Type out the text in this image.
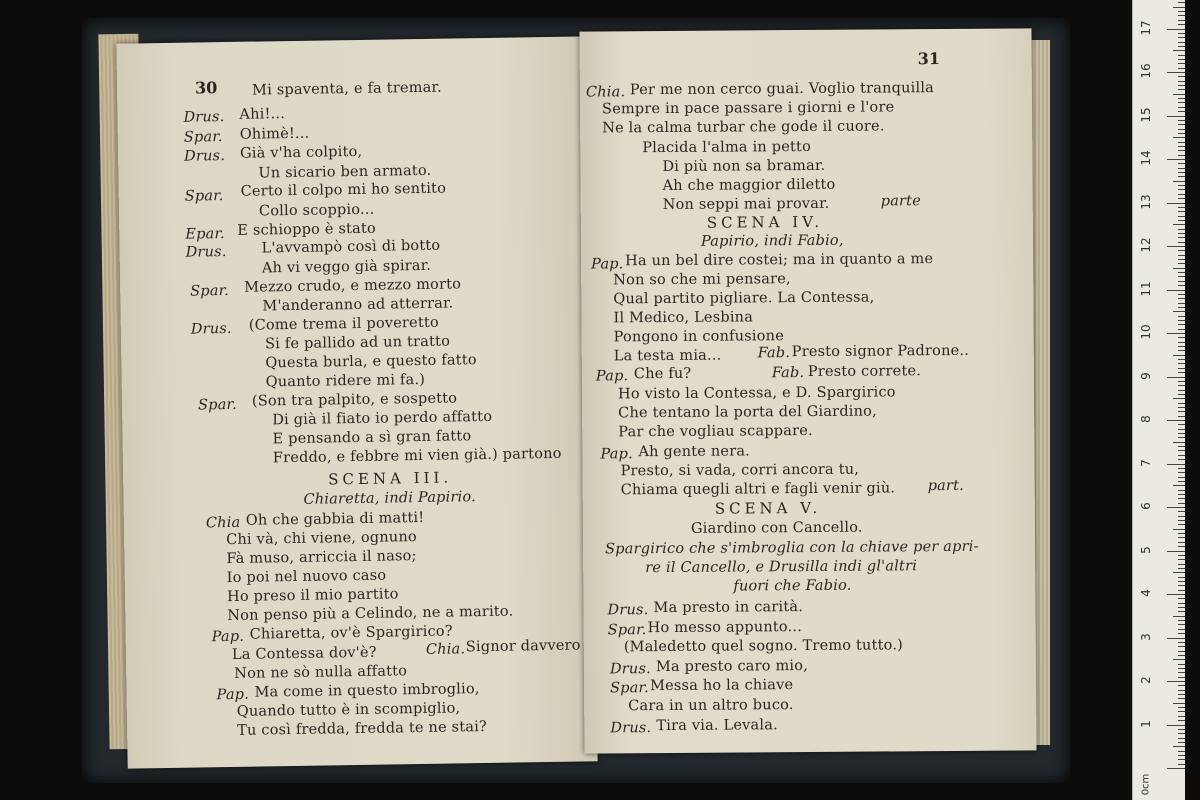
30 Mi spaventa, e fa tremar.
Drus. Ahi!...
Spar. Ohimè!...
Drus. Già v'ha colpito,
Un sicario ben armato.
Spar. Certo il colpo mi ho sentito
Collo scoppio...
Epar. E schioppo è stato
Drus. L'avvampò così di botto
Ah vi veggo già spirar.
Spar. Mezzo crudo, e mezzo morto
M'anderanno ad atterrar.
Drus. (Come trema il poveretto
Si fe pallido ad un tratto
Questa burla, e questo fatto
Quanto ridere mi fa.)
Spar. (Son tra palpito, e sospetto
Di già il fiato io perdo affatto
E pensando a sì gran fatto
Freddo, e febbre mi vien già.) partono
SCENA III.
Chiaretta, indi Papirio.
Chia Oh che gabbia di matti!
Chi và, chi viene, ognuno
Fà muso, arriccia il naso;
Io poi nel nuovo caso
Ho preso il mio partito
Non penso più a Celindo, ne a marito.
Pap. Chiaretta, ov'è Spargirico?
La Contessa dov'è?	Chia. Signor davvero
Non ne sò nulla affatto
Pap. Ma come in questo imbroglio,
Quando tutto è in scompiglio,
Tu così fredda, fredda te ne stai?
31
Chia. Per me non cerco guai. Voglio tranquilla
Sempre in pace passare i giorni e l'ore
Ne la calma turbar che gode il cuore.
Placida l'alma in petto
Di più non sa bramar.
Ah che maggior diletto
Non seppi mai provar.	parte
SCENA IV.
Papirio, indi Fabio,
Pap. Ha un bel dire costei; ma in quanto a me
Non so che mi pensare,
Qual partito pigliare. La Contessa,
Il Medico, Lesbina
Pongono in confusione
La testa mia... Fab. Presto signor Padrone..
Pap. Che fu?	Fab. Presto correte.
Ho visto la Contessa, e D. Spargirico
Che tentano la porta del Giardino,
Par che vogliau scappare.
Pap. Ah gente nera.
Presto, si vada, corri ancora tu,
Chiama quegli altri e fagli venir giù. part.
SCENA V.
Giardino con Cancello.
Spargirico che s'imbroglia con la chiave per apri-
re il Cancello, e Drusilla indi gl'altri
fuori che Fabio.
Drus. Ma presto in carità.
Spar. Ho messo appunto...
(Maledetto quel sogno. Tremo tutto.)
Drus. Ma presto caro mio,
Spar. Messa ho la chiave
Cara in un altro buco.
Drus. Tira via. Levala.
0cm
1
2
3
4
5
6
7
8
9
10
11
12
13
14
15
16
17
